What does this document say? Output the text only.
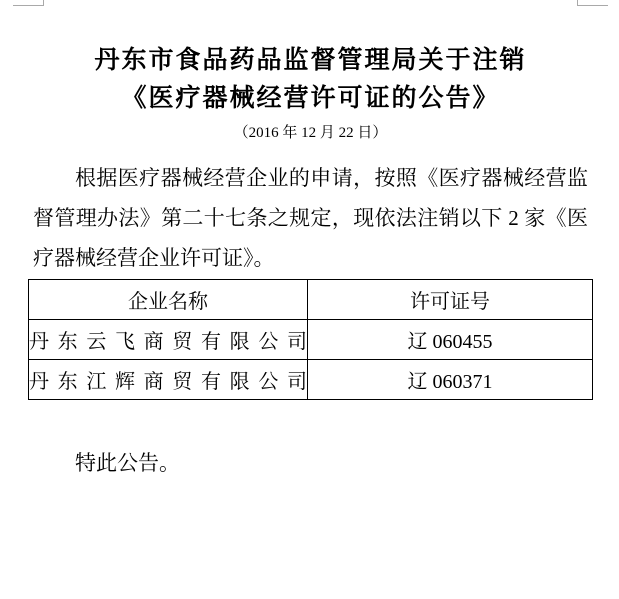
丹东市食品药品监督管理局关于注销
《医疗器械经营许可证的公告》
（2016 年 12 月 22 日）
根据医疗器械经营企业的申请，按照《医疗器械经营监
督管理办法》第二十七条之规定，现依法注销以下 2 家《医
疗器械经营企业许可证》。
企业名称	许可证号
丹东云飞商贸有限公司	辽 060455
丹东江辉商贸有限公司	辽 060371
特此公告。
